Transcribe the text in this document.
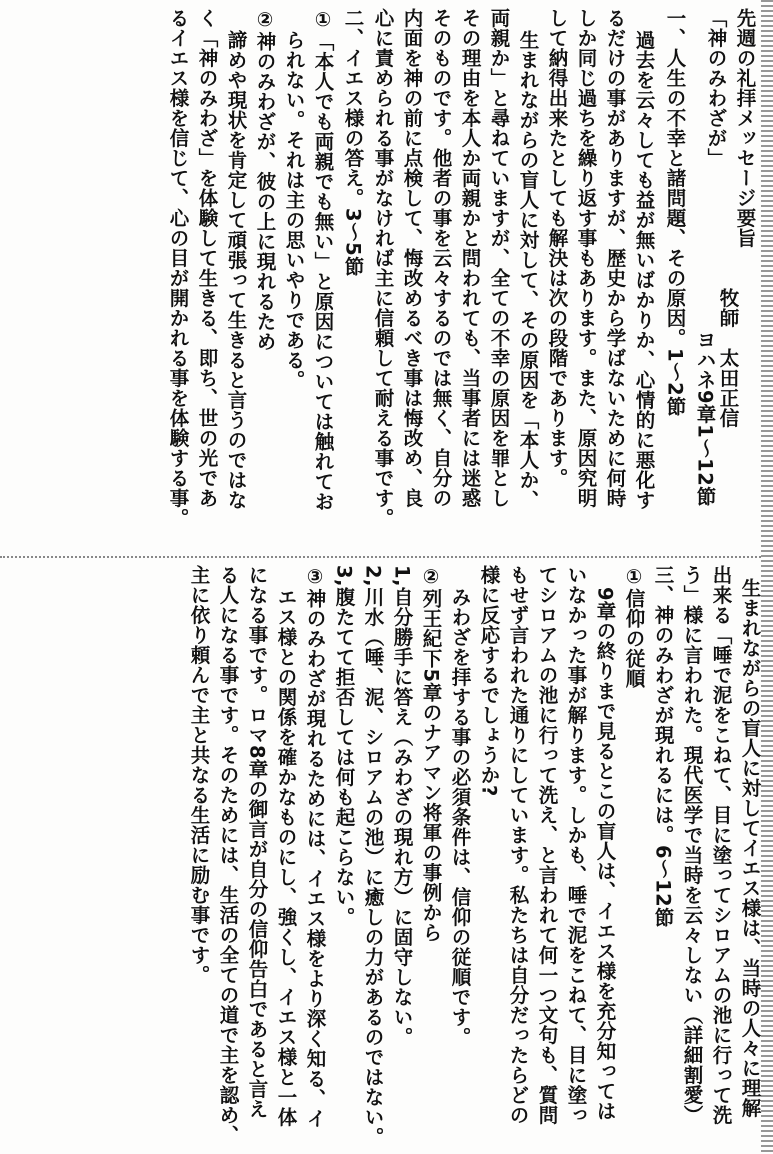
先週の礼拝メッセージ要旨
牧師　太田正信
「神のみわざが」
ヨハネ9章1〜12節
一、人生の不幸と諸問題、その原因。1〜2節
過去を云々しても益が無いばかりか、心情的に悪化す
るだけの事がありますが、歴史から学ばないために何時
しか同じ過ちを繰り返す事もあります。また、原因究明
して納得出来たとしても解決は次の段階であります。
生まれながらの盲人に対して、その原因を「本人か、
両親か」と尋ねていますが、全ての不幸の原因を罪とし
その理由を本人か両親かと問われても、当事者には迷惑
そのものです。他者の事を云々するのでは無く、自分の
内面を神の前に点検して、悔改めるべき事は悔改め、良
心に責められる事がなければ主に信頼して耐える事です。
二、イエス様の答え。3〜5節
①「本人でも両親でも無い」と原因については触れてお
られない。それは主の思いやりである。
②神のみわざが、彼の上に現れるため
諦めや現状を肯定して頑張って生きると言うのではな
く「神のみわざ」を体験して生きる、即ち、世の光であ
るイエス様を信じて、心の目が開かれる事を体験する事。
生まれながらの盲人に対してイエス様は、当時の人々に理解
出来る「唾で泥をこねて、目に塗ってシロアムの池に行って洗
う」様に言われた。現代医学で当時を云々しない（詳細割愛）
三、神のみわざが現れるには。6〜12節
①信仰の従順
9章の終りまで見るとこの盲人は、イエス様を充分知っては
いなかった事が解ります。しかも、唾で泥をこねて、目に塗っ
てシロアムの池に行って洗え、と言われて何一つ文句も、質問
もせず言われた通りにしています。私たちは自分だったらどの
様に反応するでしょうか?
みわざを拝する事の必須条件は、信仰の従順です。
②列王紀下5章のナアマン将軍の事例から
1,自分勝手に答え（みわざの現れ方）に固守しない。
2,川水（唾、泥、シロアムの池）に癒しの力があるのではない。
3,腹たてて拒否しては何も起こらない。
③神のみわざが現れるためには、イエス様をより深く知る、イ
エス様との関係を確かなものにし、強くし、イエス様と一体
になる事です。ロマ8章の御言が自分の信仰告白であると言え
る人になる事です。そのためには、生活の全ての道で主を認め、
主に依り頼んで主と共なる生活に励む事です。
